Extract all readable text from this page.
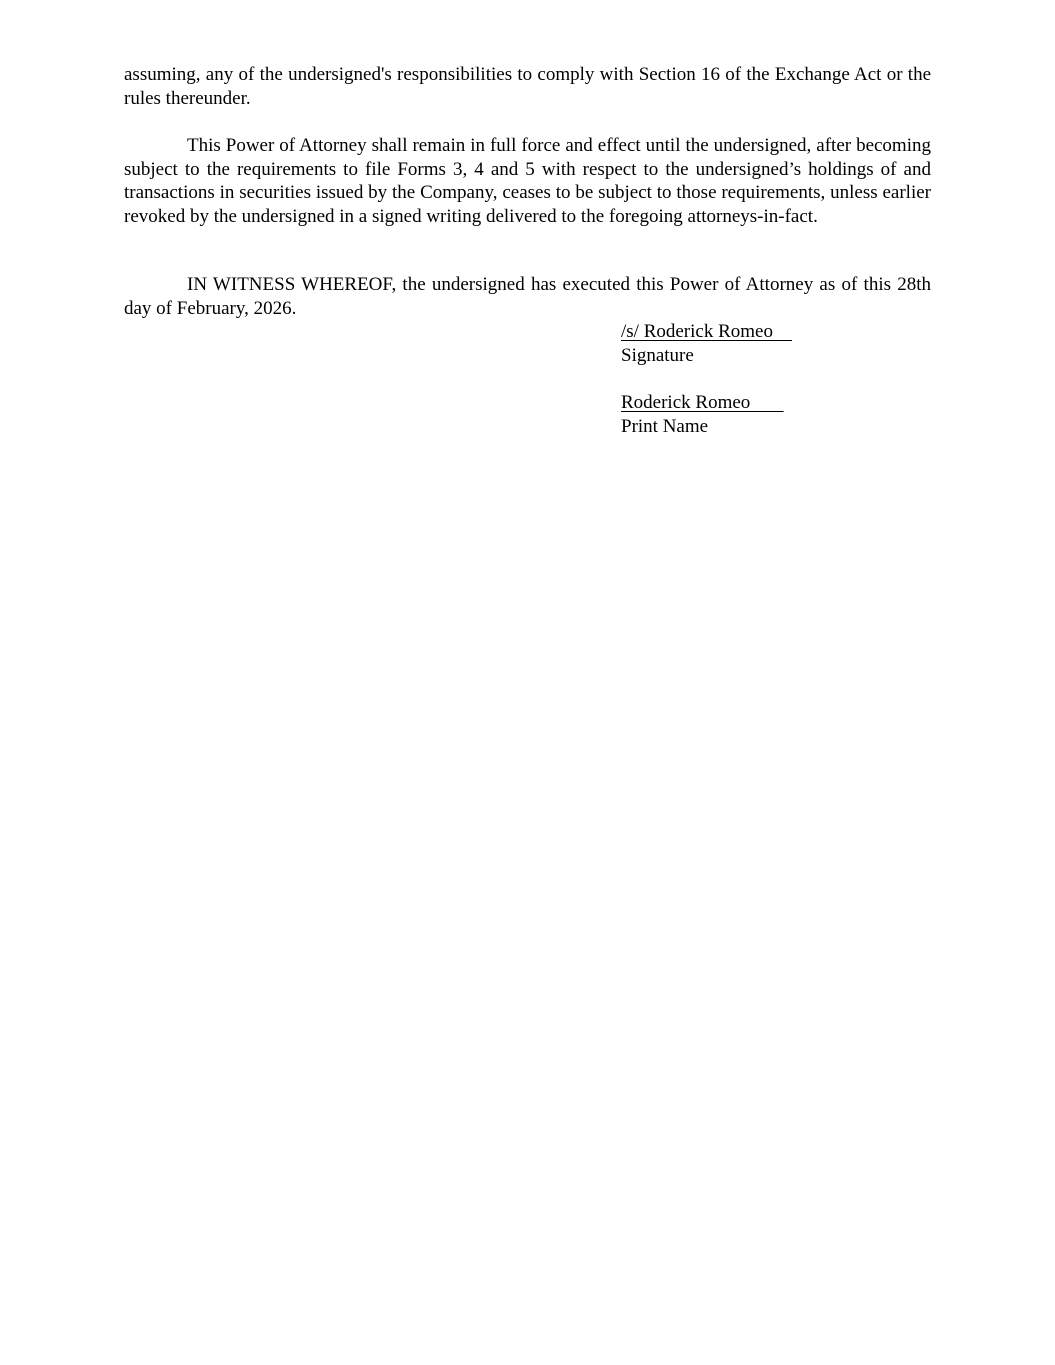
assuming, any of the undersigned's responsibilities to comply with Section 16 of the Exchange Act or the rules thereunder.

This Power of Attorney shall remain in full force and effect until the undersigned, after becoming subject to the requirements to file Forms 3, 4 and 5 with respect to the undersigned’s holdings of and transactions in securities issued by the Company, ceases to be subject to those requirements, unless earlier revoked by the undersigned in a signed writing delivered to the foregoing attorneys-in-fact.

IN WITNESS WHEREOF, the undersigned has executed this Power of Attorney as of this 28th day of February, 2026.

/s/ Roderick Romeo
Signature
Roderick Romeo
Print Name
